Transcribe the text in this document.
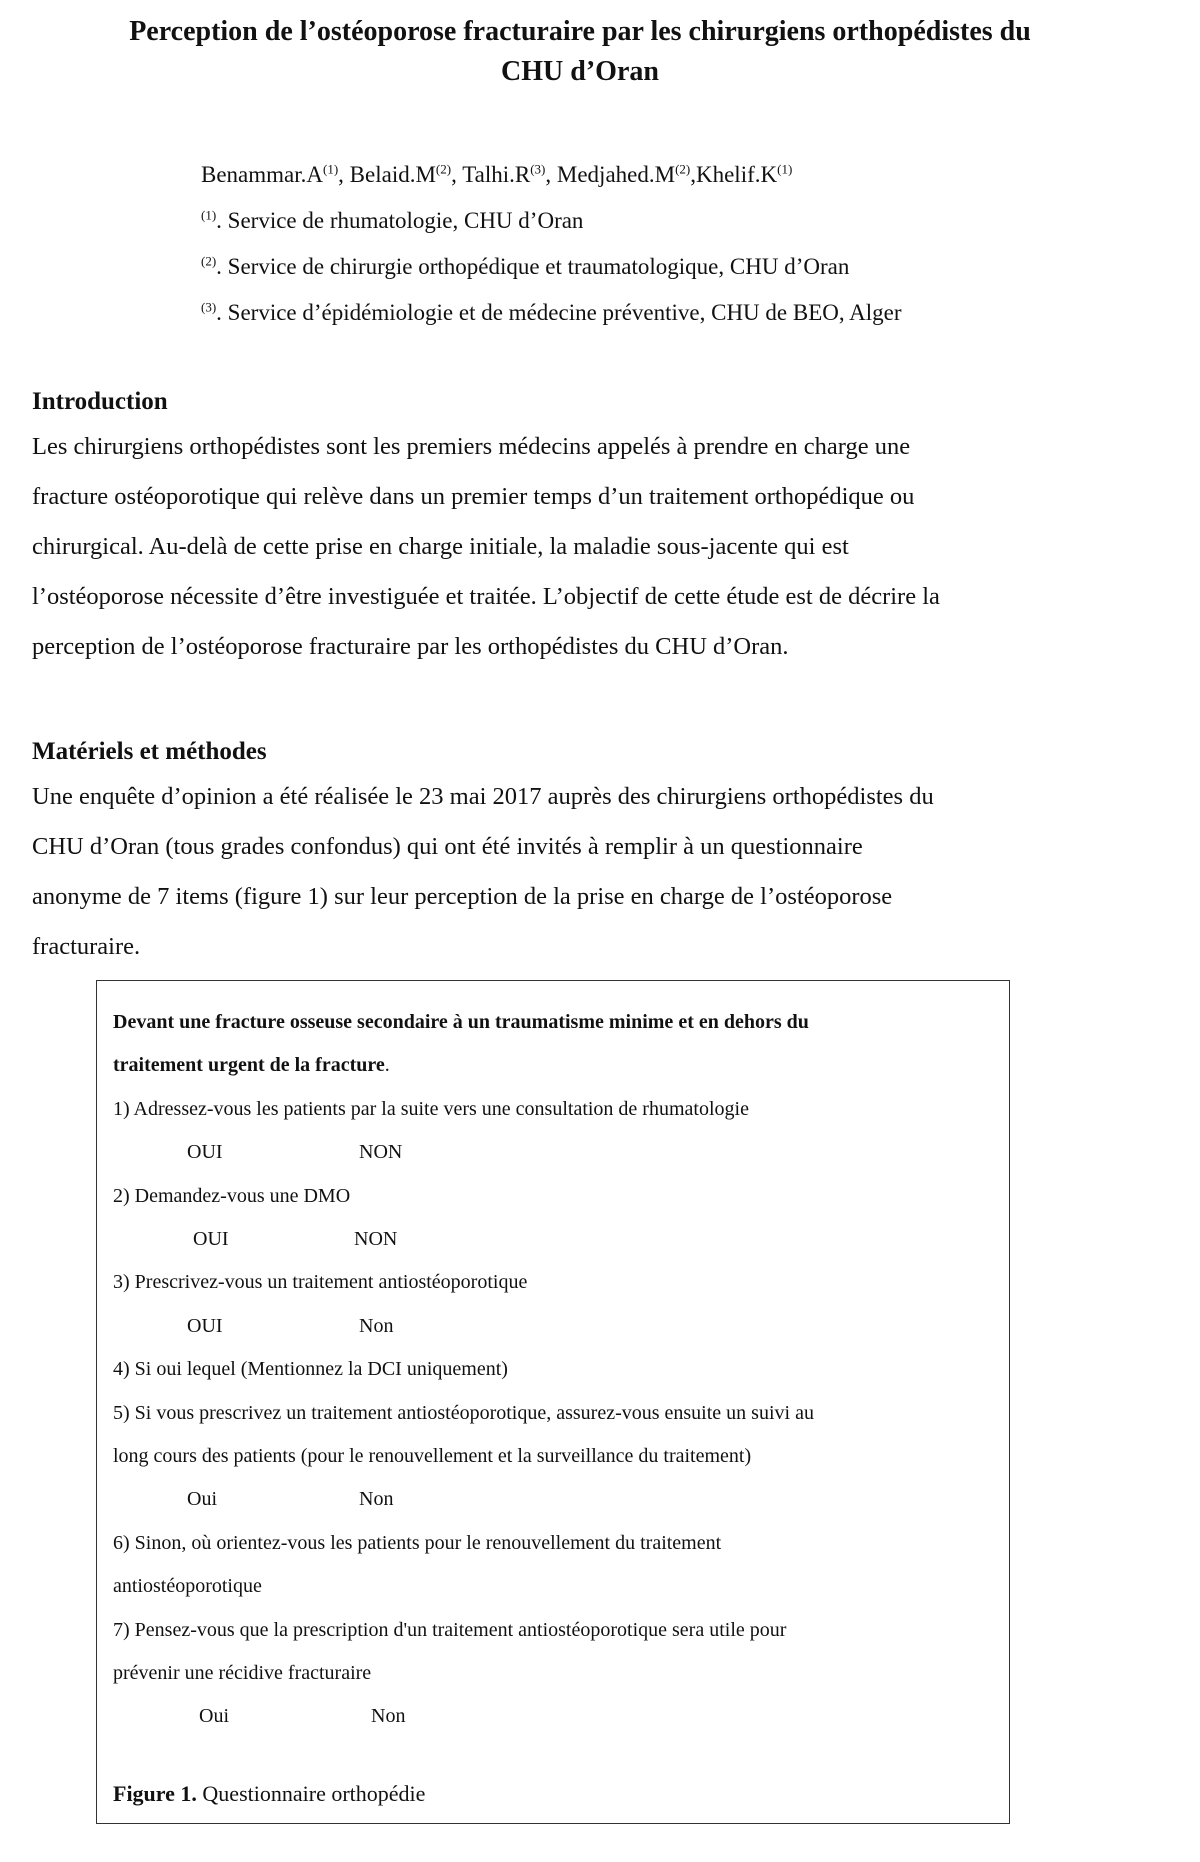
Perception de l’ostéoporose fracturaire par les chirurgiens orthopédistes du
CHU d’Oran
$Benammar.A^{(1)}$, $Belaid.M^{(2)}$, $Talhi.R^{(3)}$, $Medjahed.M^{(2)},Khelif.K^{(1)}$
$^{(1)}$. Service de rhumatologie, CHU d’Oran
$^{(2)}$. Service de chirurgie orthopédique et traumatologique, CHU d’Oran
$^{(3)}$. Service d’épidémiologie et de médecine préventive, CHU de BEO, Alger
Introduction

Les chirurgiens orthopédistes sont les premiers médecins appelés à prendre en charge une
fracture ostéoporotique qui relève dans un premier temps d’un traitement orthopédique ou
chirurgical. Au-delà de cette prise en charge initiale, la maladie sous-jacente qui est
l’ostéoporose nécessite d’être investiguée et traitée. L’objectif de cette étude est de décrire la
perception de l’ostéoporose fracturaire par les orthopédistes du CHU d’Oran.

Matériels et méthodes

Une enquête d’opinion a été réalisée le 23 mai 2017 auprès des chirurgiens orthopédistes du
CHU d’Oran (tous grades confondus) qui ont été invités à remplir à un questionnaire
anonyme de 7 items (figure 1) sur leur perception de la prise en charge de l’ostéoporose
fracturaire.

Devant une fracture osseuse secondaire à un traumatisme minime et en dehors du
traitement urgent de la fracture.
1) Adressez-vous les patients par la suite vers une consultation de rhumatologie
OUI	NON
2) Demandez-vous une DMO
OUI	NON
3) Prescrivez-vous un traitement antiostéoporotique
OUI	Non
4) Si oui lequel (Mentionnez la DCI uniquement)
5) Si vous prescrivez un traitement antiostéoporotique, assurez-vous ensuite un suivi au
long cours des patients (pour le renouvellement et la surveillance du traitement)
Oui	Non
6) Sinon, où orientez-vous les patients pour le renouvellement du traitement
antiostéoporotique
7) Pensez-vous que la prescription d'un traitement antiostéoporotique sera utile pour
prévenir une récidive fracturaire
Oui	Non
Figure 1. Questionnaire orthopédie
